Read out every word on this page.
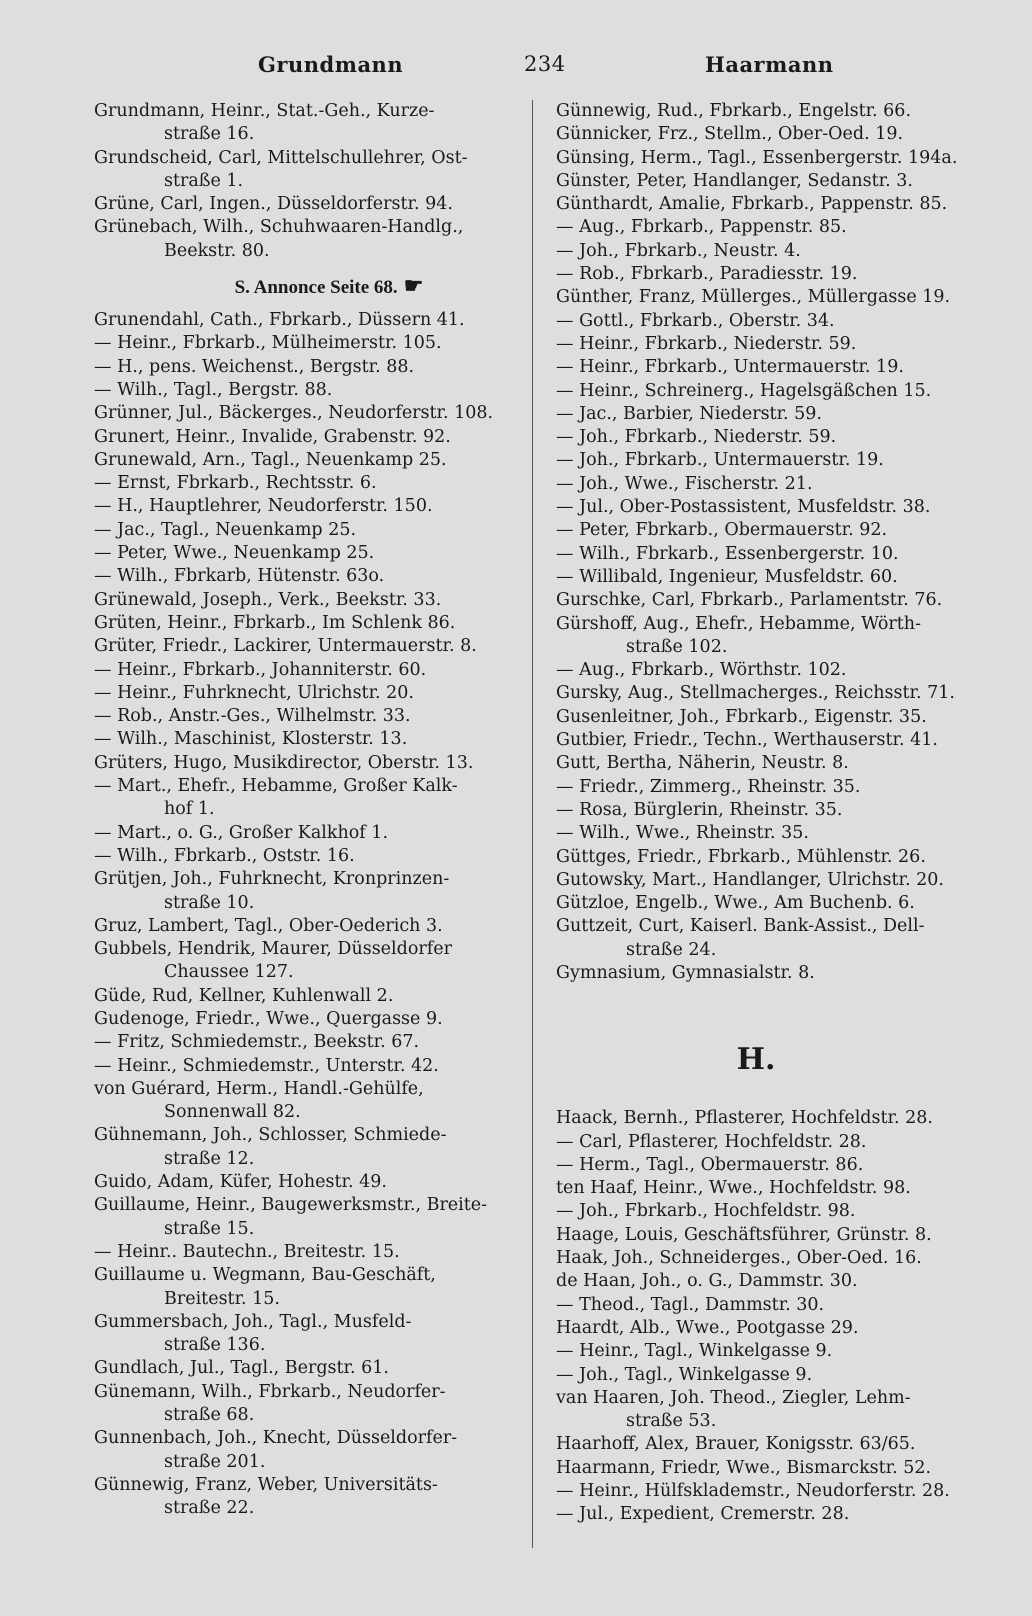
Grundmann	234	Haarmann
Grundmann, Heinr., Stat.-Geh., Kurze-
straße 16.
Grundscheid, Carl, Mittelschullehrer, Ost-
straße 1.
Grüne, Carl, Ingen., Düsseldorferstr. 94.
Grünebach, Wilh., Schuhwaaren-Handlg.,
Beekstr. 80.
S. Annonce Seite 68. ☛
Grunendahl, Cath., Fbrkarb., Düssern 41.
— Heinr., Fbrkarb., Mülheimerstr. 105.
— H., pens. Weichenst., Bergstr. 88.
— Wilh., Tagl., Bergstr. 88.
Grünner, Jul., Bäckerges., Neudorferstr. 108.
Grunert, Heinr., Invalide, Grabenstr. 92.
Grunewald, Arn., Tagl., Neuenkamp 25.
— Ernst, Fbrkarb., Rechtsstr. 6.
— H., Hauptlehrer, Neudorferstr. 150.
— Jac., Tagl., Neuenkamp 25.
— Peter, Wwe., Neuenkamp 25.
— Wilh., Fbrkarb, Hütenstr. 63o.
Grünewald, Joseph., Verk., Beekstr. 33.
Grüten, Heinr., Fbrkarb., Im Schlenk 86.
Grüter, Friedr., Lackirer, Untermauerstr. 8.
— Heinr., Fbrkarb., Johanniterstr. 60.
— Heinr., Fuhrknecht, Ulrichstr. 20.
— Rob., Anstr.-Ges., Wilhelmstr. 33.
— Wilh., Maschinist, Klosterstr. 13.
Grüters, Hugo, Musikdirector, Oberstr. 13.
— Mart., Ehefr., Hebamme, Großer Kalk-
hof 1.
— Mart., o. G., Großer Kalkhof 1.
— Wilh., Fbrkarb., Oststr. 16.
Grütjen, Joh., Fuhrknecht, Kronprinzen-
straße 10.
Gruz, Lambert, Tagl., Ober-Oederich 3.
Gubbels, Hendrik, Maurer, Düsseldorfer
Chaussee 127.
Güde, Rud, Kellner, Kuhlenwall 2.
Gudenoge, Friedr., Wwe., Quergasse 9.
— Fritz, Schmiedemstr., Beekstr. 67.
— Heinr., Schmiedemstr., Unterstr. 42.
von Guérard, Herm., Handl.-Gehülfe,
Sonnenwall 82.
Gühnemann, Joh., Schlosser, Schmiede-
straße 12.
Guido, Adam, Küfer, Hohestr. 49.
Guillaume, Heinr., Baugewerksmstr., Breite-
straße 15.
— Heinr.. Bautechn., Breitestr. 15.
Guillaume u. Wegmann, Bau-Geschäft,
Breitestr. 15.
Gummersbach, Joh., Tagl., Musfeld-
straße 136.
Gundlach, Jul., Tagl., Bergstr. 61.
Günemann, Wilh., Fbrkarb., Neudorfer-
straße 68.
Gunnenbach, Joh., Knecht, Düsseldorfer-
straße 201.
Günnewig, Franz, Weber, Universitäts-
straße 22.
Günnewig, Rud., Fbrkarb., Engelstr. 66.
Günnicker, Frz., Stellm., Ober-Oed. 19.
Günsing, Herm., Tagl., Essenbergerstr. 194a.
Günster, Peter, Handlanger, Sedanstr. 3.
Günthardt, Amalie, Fbrkarb., Pappenstr. 85.
— Aug., Fbrkarb., Pappenstr. 85.
— Joh., Fbrkarb., Neustr. 4.
— Rob., Fbrkarb., Paradiesstr. 19.
Günther, Franz, Müllerges., Müllergasse 19.
— Gottl., Fbrkarb., Oberstr. 34.
— Heinr., Fbrkarb., Niederstr. 59.
— Heinr., Fbrkarb., Untermauerstr. 19.
— Heinr., Schreinerg., Hagelsgäßchen 15.
— Jac., Barbier, Niederstr. 59.
— Joh., Fbrkarb., Niederstr. 59.
— Joh., Fbrkarb., Untermauerstr. 19.
— Joh., Wwe., Fischerstr. 21.
— Jul., Ober-Postassistent, Musfeldstr. 38.
— Peter, Fbrkarb., Obermauerstr. 92.
— Wilh., Fbrkarb., Essenbergerstr. 10.
— Willibald, Ingenieur, Musfeldstr. 60.
Gurschke, Carl, Fbrkarb., Parlamentstr. 76.
Gürshoff, Aug., Ehefr., Hebamme, Wörth-
straße 102.
— Aug., Fbrkarb., Wörthstr. 102.
Gursky, Aug., Stellmacherges., Reichsstr. 71.
Gusenleitner, Joh., Fbrkarb., Eigenstr. 35.
Gutbier, Friedr., Techn., Werthauserstr. 41.
Gutt, Bertha, Näherin, Neustr. 8.
— Friedr., Zimmerg., Rheinstr. 35.
— Rosa, Bürglerin, Rheinstr. 35.
— Wilh., Wwe., Rheinstr. 35.
Güttges, Friedr., Fbrkarb., Mühlenstr. 26.
Gutowsky, Mart., Handlanger, Ulrichstr. 20.
Gützloe, Engelb., Wwe., Am Buchenb. 6.
Guttzeit, Curt, Kaiserl. Bank-Assist., Dell-
straße 24.
Gymnasium, Gymnasialstr. 8.
H.
Haack, Bernh., Pflasterer, Hochfeldstr. 28.
— Carl, Pflasterer, Hochfeldstr. 28.
— Herm., Tagl., Obermauerstr. 86.
ten Haaf, Heinr., Wwe., Hochfeldstr. 98.
— Joh., Fbrkarb., Hochfeldstr. 98.
Haage, Louis, Geschäftsführer, Grünstr. 8.
Haak, Joh., Schneiderges., Ober-Oed. 16.
de Haan, Joh., o. G., Dammstr. 30.
— Theod., Tagl., Dammstr. 30.
Haardt, Alb., Wwe., Pootgasse 29.
— Heinr., Tagl., Winkelgasse 9.
— Joh., Tagl., Winkelgasse 9.
van Haaren, Joh. Theod., Ziegler, Lehm-
straße 53.
Haarhoff, Alex, Brauer, Konigsstr. 63/65.
Haarmann, Friedr, Wwe., Bismarckstr. 52.
— Heinr., Hülfsklademstr., Neudorferstr. 28.
— Jul., Expedient, Cremerstr. 28.
